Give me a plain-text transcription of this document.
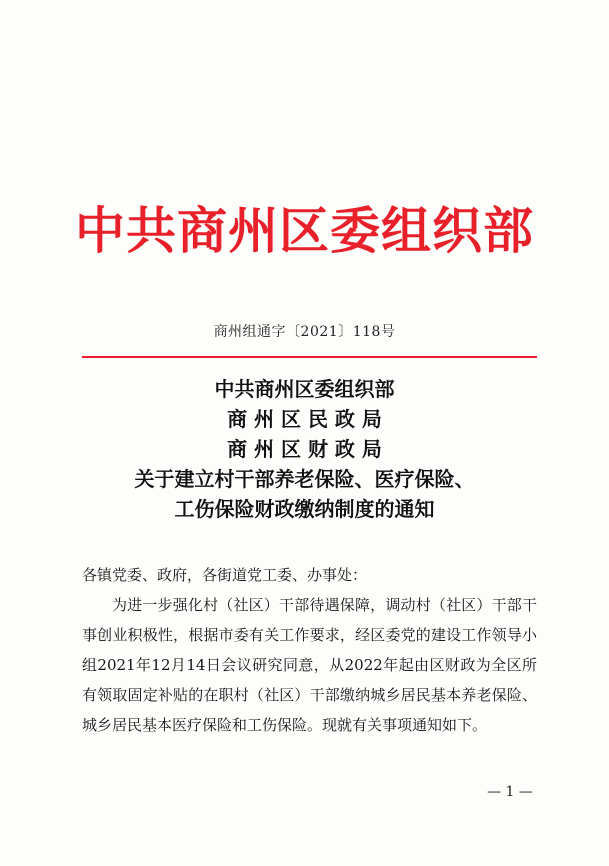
中共商州区委组织部
商州组通字〔2021〕118号
中共商州区委组织部
商 州 区 民 政 局
商 州 区 财 政 局
关于建立村干部养老保险、医疗保险、
工伤保险财政缴纳制度的通知

各镇党委、政府，各街道党工委、办事处：

为进一步强化村（社区）干部待遇保障，调动村（社区）干部干事创业积极性，根据市委有关工作要求，经区委党的建设工作领导小组2021年12月14日会议研究同意，从2022年起由区财政为全区所有领取固定补贴的在职村（社区）干部缴纳城乡居民基本养老保险、城乡居民基本医疗保险和工伤保险。现就有关事项通知如下。

— 1 —
